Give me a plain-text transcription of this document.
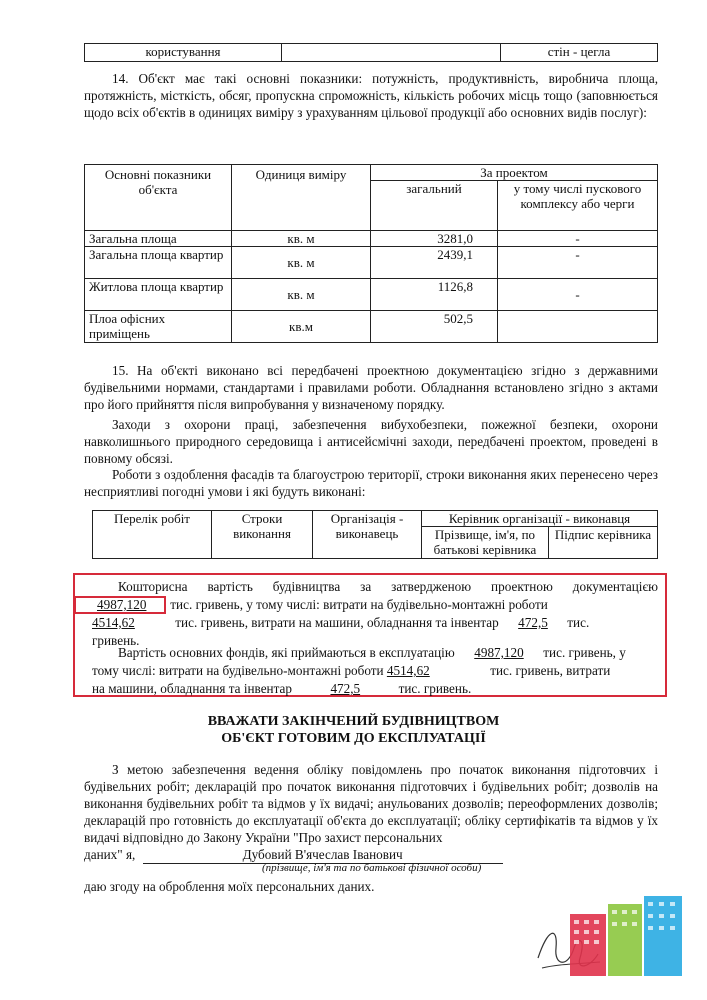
користування		стін - цегла
14. Об'єкт має такі основні показники: потужність, продуктивність, виробнича площа, протяжність, місткість, обсяг, пропускна спроможність, кількість робочих місць тощо (заповнюється щодо всіх об'єктів в одиницях виміру з урахуванням цільової продукції або основних видів послуг):
Основні показники об'єкта	Одиниця виміру	За проектом	
		загальний	у тому числі пускового комплексу або черги
Загальна площа	кв. м	3281,0	-
Загальна площа квартир	кв. м	2439,1	-
Житлова площа квартир	кв. м	1126,8	-
Плоа офісних приміщень	кв.м	502,5	
15. На об'єкті виконано всі передбачені проектною документацією згідно з державними будівельними нормами, стандартами і правилами роботи. Обладнання встановлено згідно з актами про його прийняття після випробування у визначеному порядку.
Заходи з охорони праці, забезпечення вибухобезпеки, пожежної безпеки, охорони навколишнього природного середовища і антисейсмічні заходи, передбачені проектом, проведені в повному обсязі.
Роботи з оздоблення фасадів та благоустрою території, строки виконання яких перенесено через несприятливі погодні умови і які будуть виконані:
Перелік робіт	Строки виконання	Організація - виконавець	Керівник організації - виконавця	
			Прізвище, ім'я, по батькові керівника	Підпис керівника
Кошторисна вартість будівництва за затвердженою проектною документацією
4987,120 тис. гривень, у тому числі: витрати на будівельно-монтажні роботи
4514,62	тис. гривень, витрати на машини, обладнання та інвентар 472,5 тис.
гривень.
Вартість основних фондів, які приймаються в експлуатацію 4987,120 тис. гривень, у
тому числі: витрати на будівельно-монтажні роботи 4514,62	тис. гривень, витрати
на машини, обладнання та інвентар	472,5	тис. гривень.
ВВАЖАТИ ЗАКІНЧЕНИЙ БУДІВНИЦТВОМ
ОБ'ЄКТ ГОТОВИМ ДО ЕКСПЛУАТАЦІЇ
З метою забезпечення ведення обліку повідомлень про початок виконання підготовчих і будівельних робіт; декларацій про початок виконання підготовчих і будівельних робіт; дозволів на виконання будівельних робіт та відмов у їх видачі; анульованих дозволів; переоформлених дозволів; декларацій про готовність до експлуатації об'єкта до експлуатації; обліку сертифікатів та відмов у їх видачі відповідно до Закону України "Про захист персональних
даних" я,	Дубовий В'ячеслав Іванович
(прізвище, ім'я та по батькові фізичної особи)
даю згоду на оброблення моїх персональних даних.
